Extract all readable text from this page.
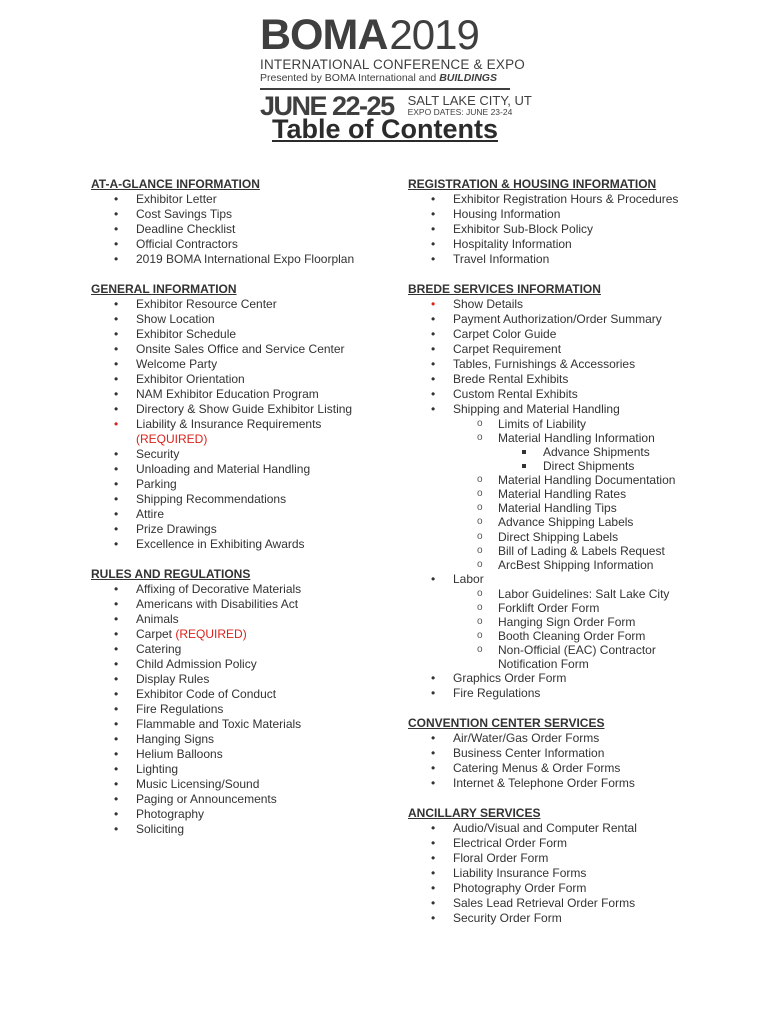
BOMA 2019
INTERNATIONAL CONFERENCE & EXPO
Presented by BOMA International and BUILDINGS
JUNE 22-25 SALT LAKE CITY, UT
EXPO DATES: JUNE 23-24
Table of Contents
AT-A-GLANCE INFORMATION
• Exhibitor Letter
• Cost Savings Tips
• Deadline Checklist
• Official Contractors
• 2019 BOMA International Expo Floorplan
GENERAL INFORMATION
• Exhibitor Resource Center
• Show Location
• Exhibitor Schedule
• Onsite Sales Office and Service Center
• Welcome Party
• Exhibitor Orientation
• NAM Exhibitor Education Program
• Directory & Show Guide Exhibitor Listing
• Liability & Insurance Requirements
(REQUIRED)
• Security
• Unloading and Material Handling
• Parking
• Shipping Recommendations
• Attire
• Prize Drawings
• Excellence in Exhibiting Awards
RULES AND REGULATIONS
• Affixing of Decorative Materials
• Americans with Disabilities Act
• Animals
• Carpet (REQUIRED)
• Catering
• Child Admission Policy
• Display Rules
• Exhibitor Code of Conduct
• Fire Regulations
• Flammable and Toxic Materials
• Hanging Signs
• Helium Balloons
• Lighting
• Music Licensing/Sound
• Paging or Announcements
• Photography
• Soliciting
REGISTRATION & HOUSING INFORMATION
• Exhibitor Registration Hours & Procedures
• Housing Information
• Exhibitor Sub-Block Policy
• Hospitality Information
• Travel Information
BREDE SERVICES INFORMATION
• Show Details
• Payment Authorization/Order Summary
• Carpet Color Guide
• Carpet Requirement
• Tables, Furnishings & Accessories
• Brede Rental Exhibits
• Custom Rental Exhibits
• Shipping and Material Handling
o Limits of Liability
o Material Handling Information
Advance Shipments
Direct Shipments
o Material Handling Documentation
o Material Handling Rates
o Material Handling Tips
o Advance Shipping Labels
o Direct Shipping Labels
o Bill of Lading & Labels Request
o ArcBest Shipping Information
• Labor
o Labor Guidelines: Salt Lake City
o Forklift Order Form
o Hanging Sign Order Form
o Booth Cleaning Order Form
o Non-Official (EAC) Contractor
Notification Form
• Graphics Order Form
• Fire Regulations
CONVENTION CENTER SERVICES
• Air/Water/Gas Order Forms
• Business Center Information
• Catering Menus & Order Forms
• Internet & Telephone Order Forms
ANCILLARY SERVICES
• Audio/Visual and Computer Rental
• Electrical Order Form
• Floral Order Form
• Liability Insurance Forms
• Photography Order Form
• Sales Lead Retrieval Order Forms
• Security Order Form
